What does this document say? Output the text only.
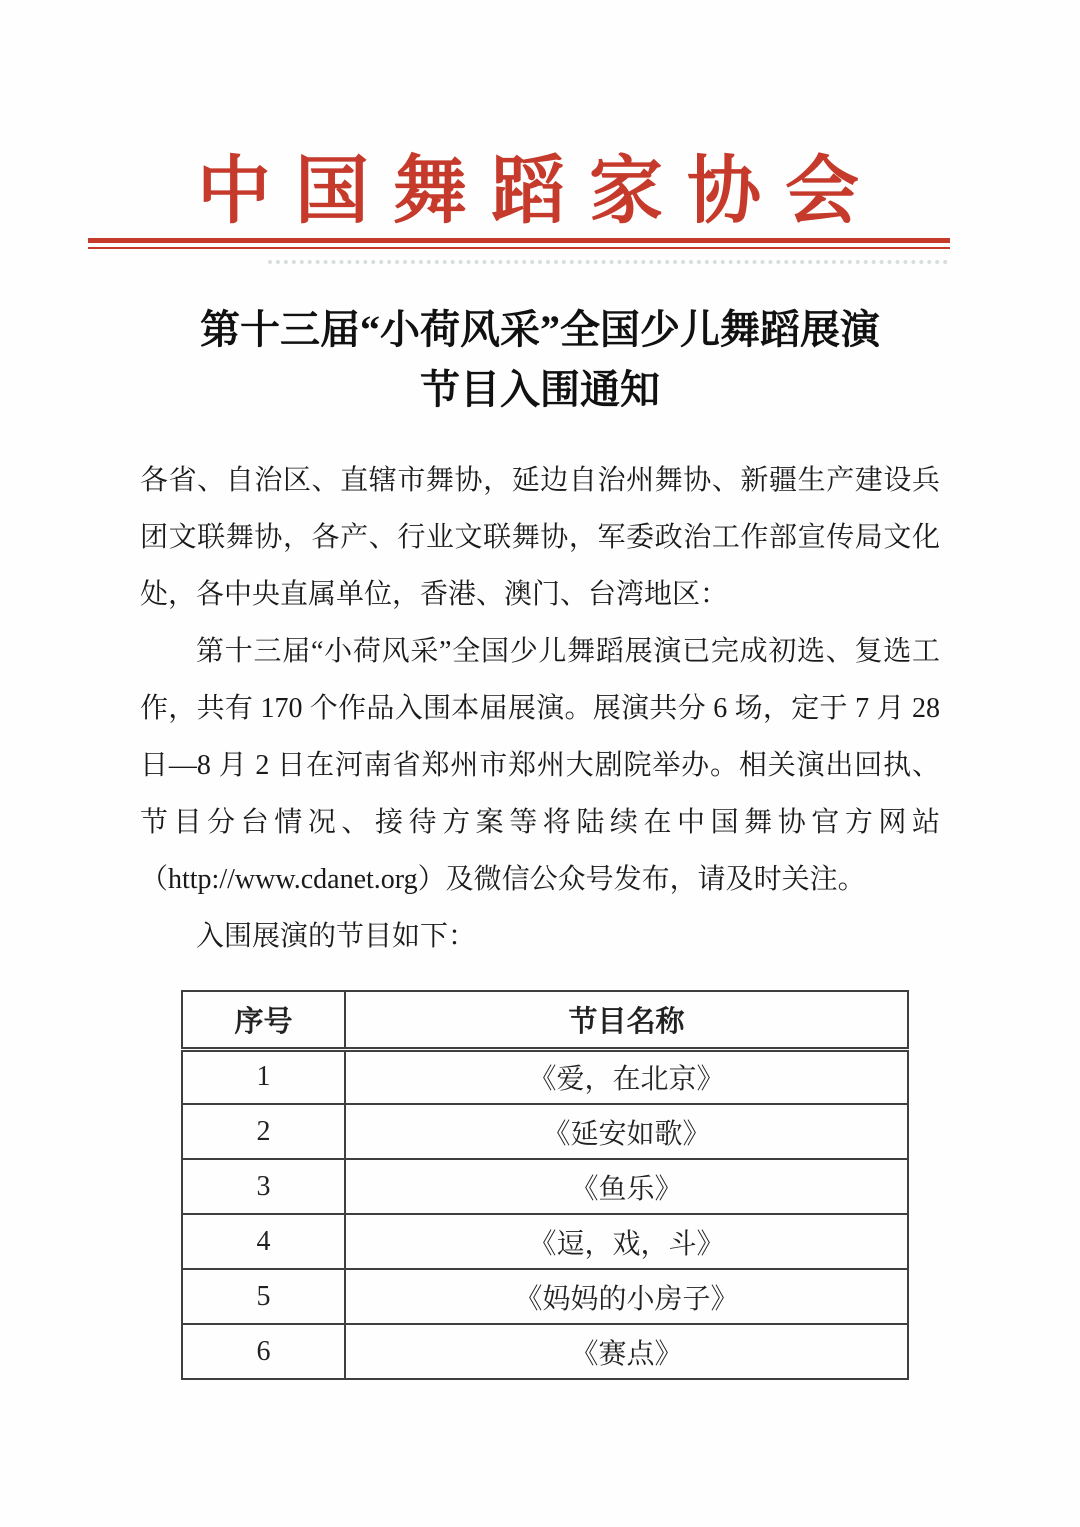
中国舞蹈家协会
第十三届“小荷风采”全国少儿舞蹈展演
节目入围通知

各省、自治区、直辖市舞协，延边自治州舞协、新疆生产建设兵团文联舞协，各产、行业文联舞协，军委政治工作部宣传局文化处，各中央直属单位，香港、澳门、台湾地区：

第十三届“小荷风采”全国少儿舞蹈展演已完成初选、复选工作，共有 170 个作品入围本届展演。展演共分 6 场，定于 7 月 28 日—8 月 2 日在河南省郑州市郑州大剧院举办。相关演出回执、节目分台情况、接待方案等将陆续在中国舞协官方网站（http://www.cdanet.org）及微信公众号发布，请及时关注。

入围展演的节目如下：

序号	节目名称
1	《爱，在北京》
2	《延安如歌》
3	《鱼乐》
4	《逗，戏，斗》
5	《妈妈的小房子》
6	《赛点》
